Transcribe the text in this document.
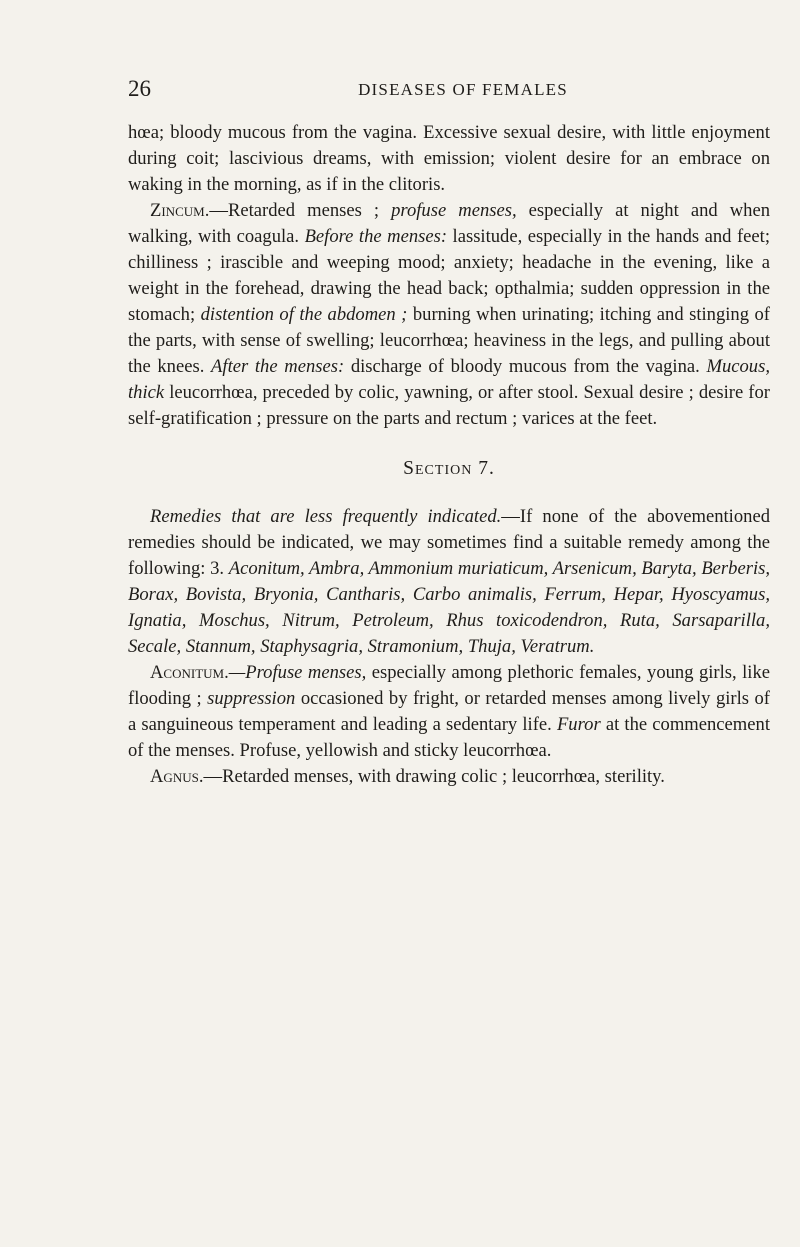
26	DISEASES OF FEMALES

hœa; bloody mucous from the vagina. Excessive sexual desire, with little enjoyment during coit; lascivious dreams, with emission; violent desire for an embrace on waking in the morning, as if in the clitoris.

Zincum.—Retarded menses ; profuse menses, especially at night and when walking, with coagula. Before the menses: lassitude, especially in the hands and feet; chilliness ; irascible and weeping mood; anxiety; headache in the evening, like a weight in the forehead, drawing the head back; opthalmia; sudden oppression in the stomach; distention of the abdomen ; burning when urinating; itching and stinging of the parts, with sense of swelling; leucorrhœa; heaviness in the legs, and pulling about the knees. After the menses: discharge of bloody mucous from the vagina. Mucous, thick leucorrhœa, preceded by colic, yawning, or after stool. Sexual desire ; desire for self-gratification ; pressure on the parts and rectum ; varices at the feet.

Section 7.

Remedies that are less frequently indicated.—If none of the abovementioned remedies should be indicated, we may sometimes find a suitable remedy among the following: 3. Aconitum, Ambra, Ammonium muriaticum, Arsenicum, Baryta, Berberis, Borax, Bovista, Bryonia, Cantharis, Carbo animalis, Ferrum, Hepar, Hyoscyamus, Ignatia, Moschus, Nitrum, Petroleum, Rhus toxicodendron, Ruta, Sarsaparilla, Secale, Stannum, Staphysagria, Stramonium, Thuja, Veratrum.

Aconitum.—Profuse menses, especially among plethoric females, young girls, like flooding ; suppression occasioned by fright, or retarded menses among lively girls of a sanguineous temperament and leading a sedentary life. Furor at the commencement of the menses. Profuse, yellowish and sticky leucorrhœa.

Agnus.—Retarded menses, with drawing colic ; leucorrhœa, sterility.
